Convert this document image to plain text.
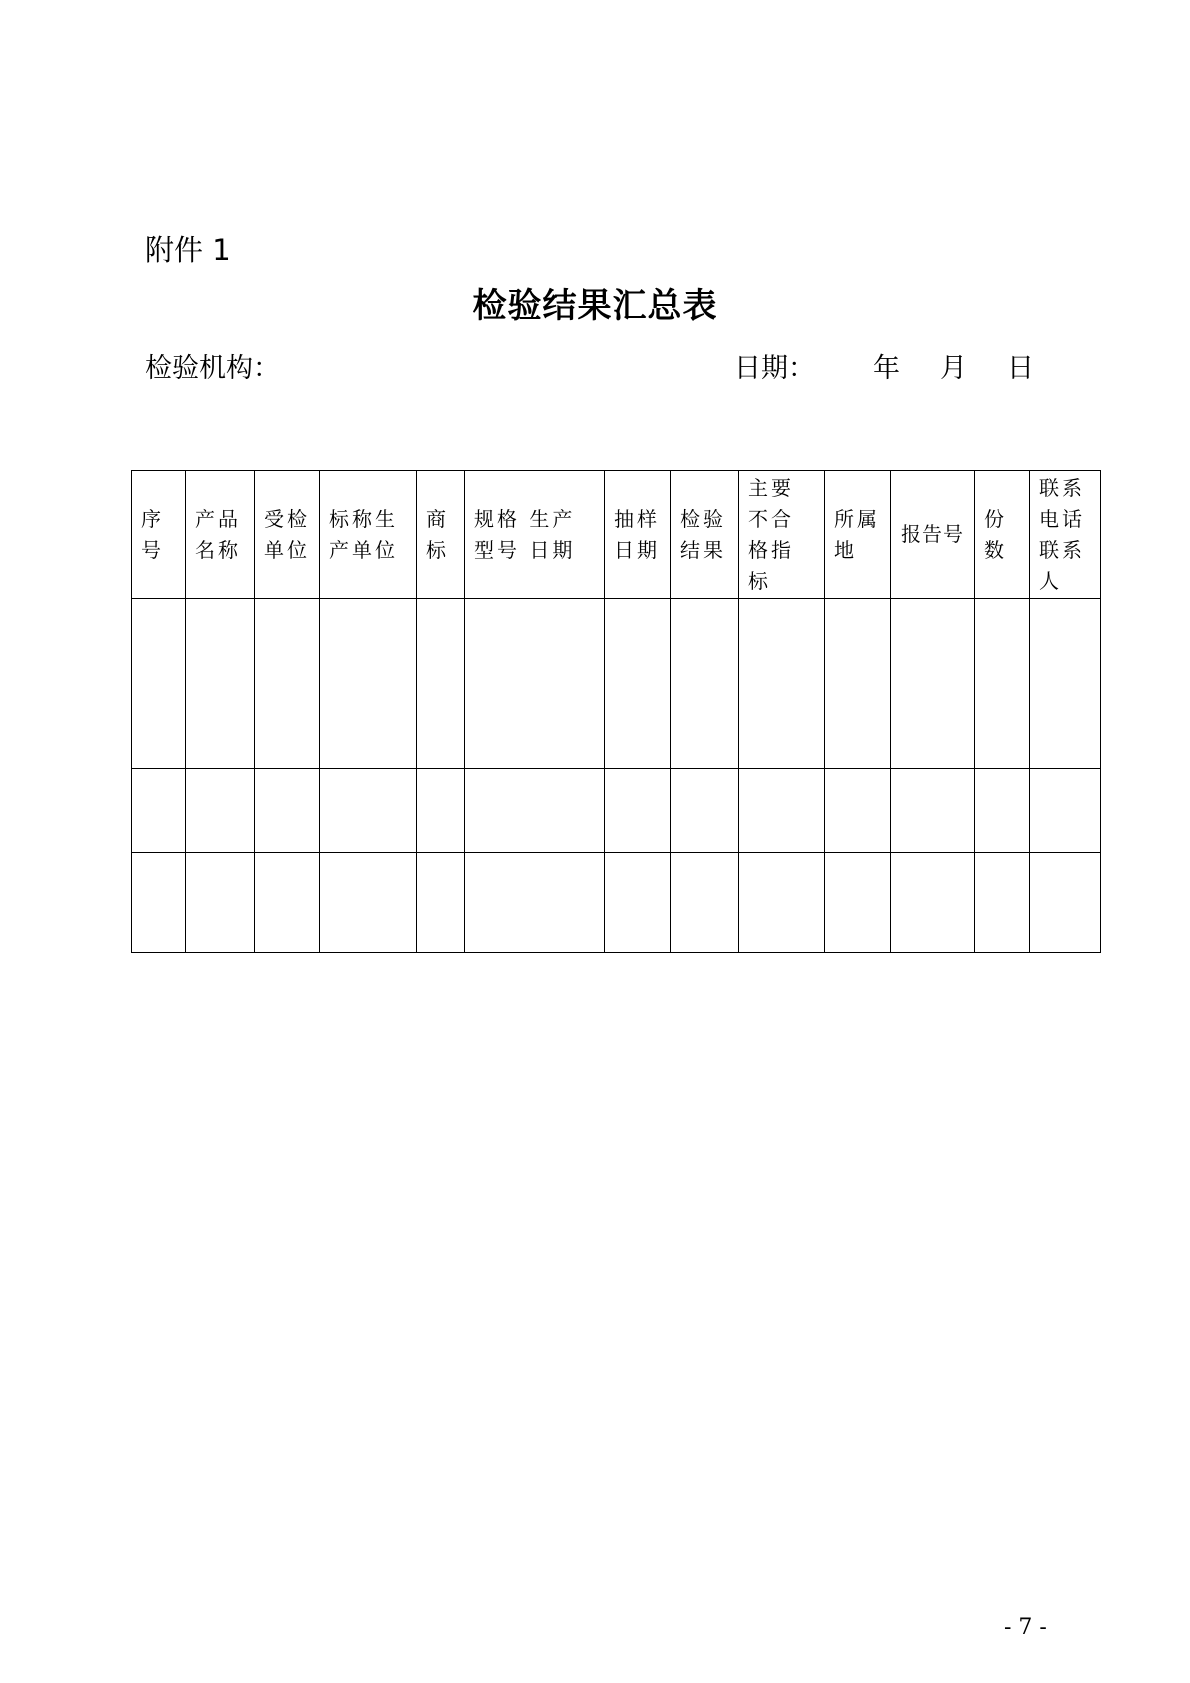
附件 1
检验结果汇总表
检验机构：	日期： 年 月 日
序号	产品名称	受检单位	标称生产单位	商标	规格 生产型号 日期	抽样日期	检验结果	主要不合格指标	所属地	报告号	份数	联系电话联系人

- 7 -
